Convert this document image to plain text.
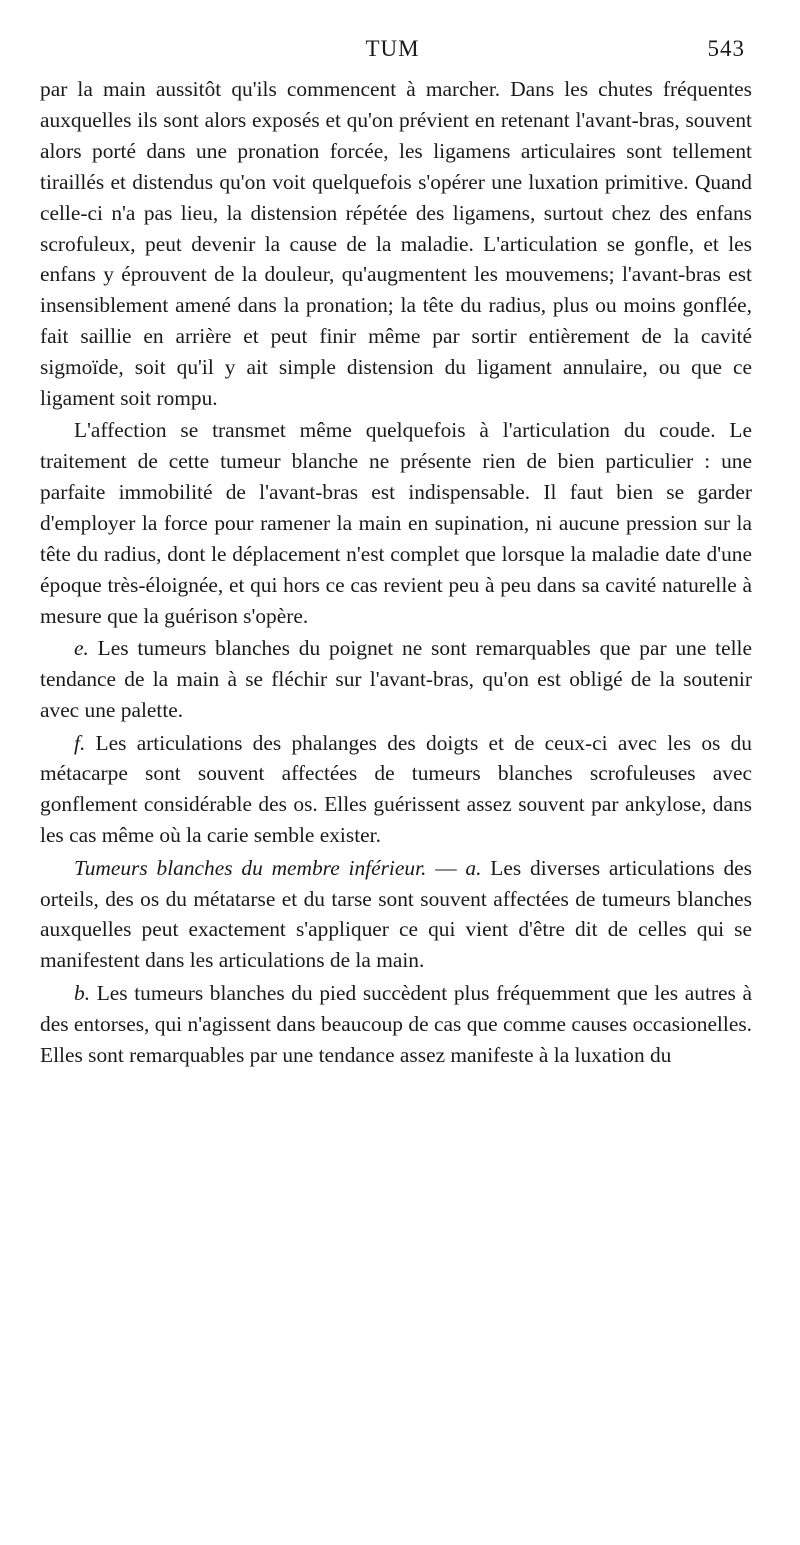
TUM	543

par la main aussitôt qu'ils commencent à marcher. Dans les chutes fréquentes auxquelles ils sont alors exposés et qu'on prévient en retenant l'avant-bras, souvent alors porté dans une pronation forcée, les ligamens articulaires sont tellement tiraillés et distendus qu'on voit quelquefois s'opérer une luxation primitive. Quand celle-ci n'a pas lieu, la distension répétée des ligamens, surtout chez des enfans scrofuleux, peut devenir la cause de la maladie. L'articulation se gonfle, et les enfans y éprouvent de la douleur, qu'augmentent les mouvemens; l'avant-bras est insensiblement amené dans la pronation; la tête du radius, plus ou moins gonflée, fait saillie en arrière et peut finir même par sortir entièrement de la cavité sigmoïde, soit qu'il y ait simple distension du ligament annulaire, ou que ce ligament soit rompu.

L'affection se transmet même quelquefois à l'articulation du coude. Le traitement de cette tumeur blanche ne présente rien de bien particulier : une parfaite immobilité de l'avant-bras est indispensable. Il faut bien se garder d'employer la force pour ramener la main en supination, ni aucune pression sur la tête du radius, dont le déplacement n'est complet que lorsque la maladie date d'une époque très-éloignée, et qui hors ce cas revient peu à peu dans sa cavité naturelle à mesure que la guérison s'opère.

e. Les tumeurs blanches du poignet ne sont remarquables que par une telle tendance de la main à se fléchir sur l'avant-bras, qu'on est obligé de la soutenir avec une palette.

f. Les articulations des phalanges des doigts et de ceux-ci avec les os du métacarpe sont souvent affectées de tumeurs blanches scrofuleuses avec gonflement considérable des os. Elles guérissent assez souvent par ankylose, dans les cas même où la carie semble exister.

Tumeurs blanches du membre inférieur. — a. Les diverses articulations des orteils, des os du métatarse et du tarse sont souvent affectées de tumeurs blanches auxquelles peut exactement s'appliquer ce qui vient d'être dit de celles qui se manifestent dans les articulations de la main.

b. Les tumeurs blanches du pied succèdent plus fréquemment que les autres à des entorses, qui n'agissent dans beaucoup de cas que comme causes occasionelles. Elles sont remarquables par une tendance assez manifeste à la luxation du
